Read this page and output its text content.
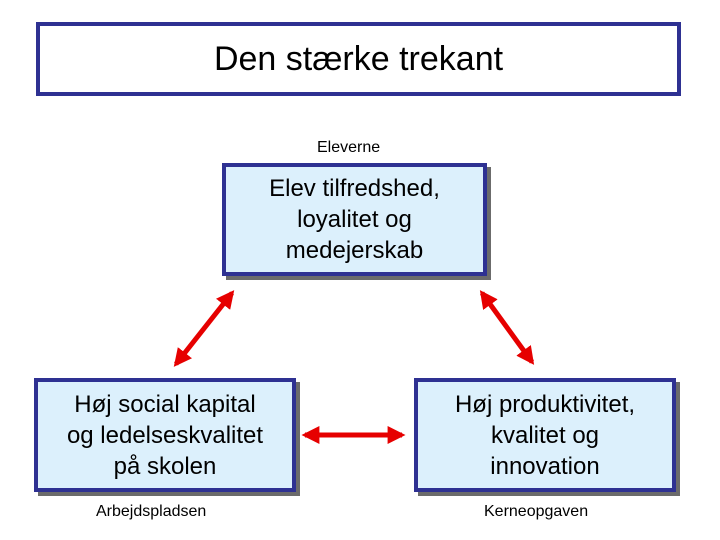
Den stærke trekant
Eleverne
Elev tilfredshed,
loyalitet og
medejerskab
Høj social kapital
og ledelseskvalitet
på skolen
Høj produktivitet,
kvalitet og
innovation
Arbejdspladsen	Kerneopgaven
